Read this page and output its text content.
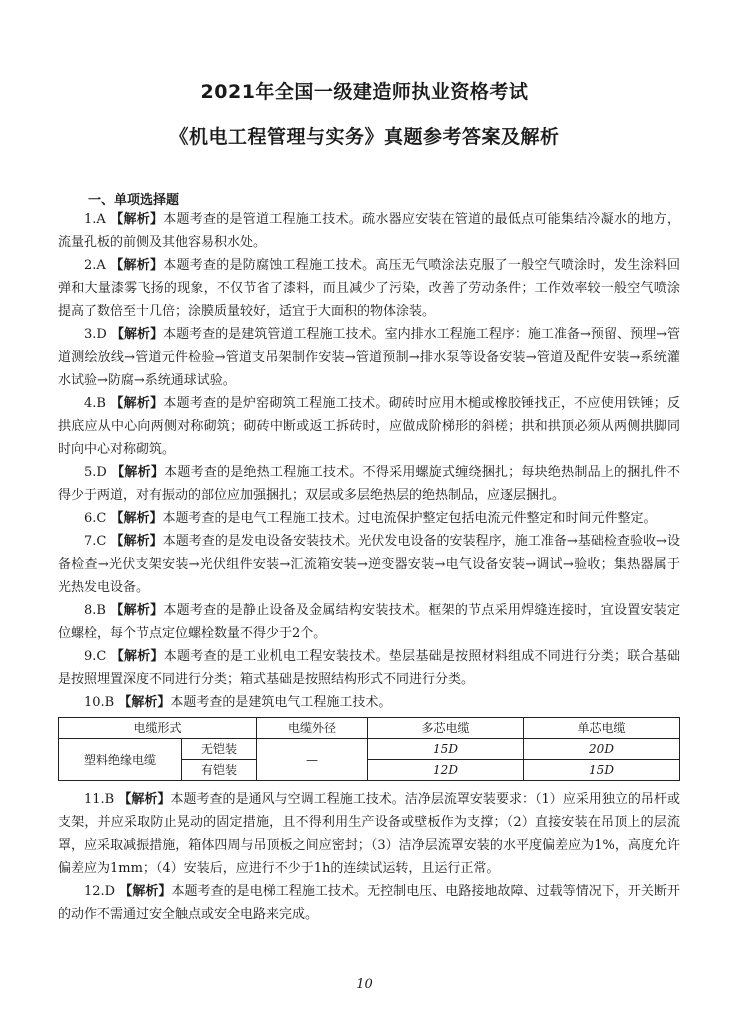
2021年全国一级建造师执业资格考试
《机电工程管理与实务》真题参考答案及解析
一、单项选择题

1.A 【解析】本题考查的是管道工程施工技术。疏水器应安装在管道的最低点可能集结冷凝水的地方，流量孔板的前侧及其他容易积水处。

2.A 【解析】本题考查的是防腐蚀工程施工技术。高压无气喷涂法克服了一般空气喷涂时，发生涂料回弹和大量漆雾飞扬的现象，不仅节省了漆料，而且减少了污染，改善了劳动条件；工作效率较一般空气喷涂提高了数倍至十几倍；涂膜质量较好，适宜于大面积的物体涂装。

3.D 【解析】本题考查的是建筑管道工程施工技术。室内排水工程施工程序：施工准备→预留、预埋→管道测绘放线→管道元件检验→管道支吊架制作安装→管道预制→排水泵等设备安装→管道及配件安装→系统灌水试验→防腐→系统通球试验。

4.B 【解析】本题考查的是炉窑砌筑工程施工技术。砌砖时应用木槌或橡胶锤找正，不应使用铁锤；反拱底应从中心向两侧对称砌筑；砌砖中断或返工拆砖时，应做成阶梯形的斜槎；拱和拱顶必须从两侧拱脚同时向中心对称砌筑。

5.D 【解析】本题考查的是绝热工程施工技术。不得采用螺旋式缠绕捆扎；每块绝热制品上的捆扎件不得少于两道，对有振动的部位应加强捆扎；双层或多层绝热层的绝热制品，应逐层捆扎。

6.C 【解析】本题考查的是电气工程施工技术。过电流保护整定包括电流元件整定和时间元件整定。

7.C 【解析】本题考查的是发电设备安装技术。光伏发电设备的安装程序，施工准备→基础检查验收→设备检查→光伏支架安装→光伏组件安装→汇流箱安装→逆变器安装→电气设备安装→调试→验收；集热器属于光热发电设备。

8.B 【解析】本题考查的是静止设备及金属结构安装技术。框架的节点采用焊缝连接时，宜设置安装定位螺栓，每个节点定位螺栓数量不得少于2个。

9.C 【解析】本题考查的是工业机电工程安装技术。垫层基础是按照材料组成不同进行分类；联合基础是按照埋置深度不同进行分类；箱式基础是按照结构形式不同进行分类。

10.B 【解析】本题考查的是建筑电气工程施工技术。

电缆形式		电缆外径	多芯电缆	单芯电缆
塑料绝缘电缆	无铠装	—	15D	20D
	有铠装		12D	15D

11.B 【解析】本题考查的是通风与空调工程施工技术。洁净层流罩安装要求：（1）应采用独立的吊杆或支架，并应采取防止晃动的固定措施，且不得利用生产设备或壁板作为支撑；（2）直接安装在吊顶上的层流罩，应采取减振措施，箱体四周与吊顶板之间应密封；（3）洁净层流罩安装的水平度偏差应为1%，高度允许偏差应为1mm；（4）安装后，应进行不少于1h的连续试运转，且运行正常。

12.D 【解析】本题考查的是电梯工程施工技术。无控制电压、电路接地故障、过载等情况下，开关断开的动作不需通过安全触点或安全电路来完成。

10
